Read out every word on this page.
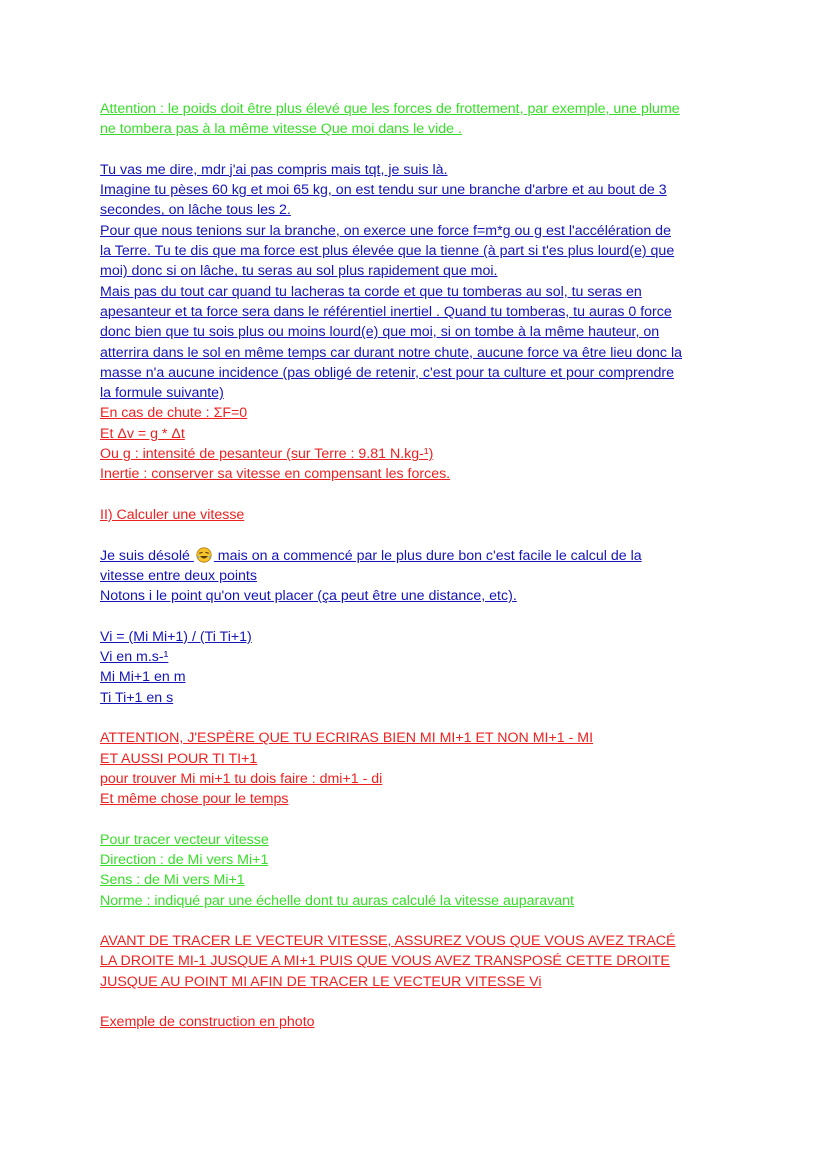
Attention : le poids doit être plus élevé que les forces de frottement, par exemple, une plume
ne tombera pas à la même vitesse Que moi dans le vide .
Tu vas me dire, mdr j'ai pas compris mais tqt, je suis là.
Imagine tu pèses 60 kg et moi 65 kg, on est tendu sur une branche d'arbre et au bout de 3
secondes, on lâche tous les 2.
Pour que nous tenions sur la branche, on exerce une force f=m*g ou g est l'accélération de
la Terre. Tu te dis que ma force est plus élevée que la tienne (à part si t'es plus lourd(e) que
moi) donc si on lâche, tu seras au sol plus rapidement que moi.
Mais pas du tout car quand tu lacheras ta corde et que tu tomberas au sol, tu seras en
apesanteur et ta force sera dans le référentiel inertiel . Quand tu tomberas, tu auras 0 force
donc bien que tu sois plus ou moins lourd(e) que moi, si on tombe à la même hauteur, on
atterrira dans le sol en même temps car durant notre chute, aucune force va être lieu donc la
masse n'a aucune incidence (pas obligé de retenir, c'est pour ta culture et pour comprendre
la formule suivante)
En cas de chute : ΣF=0
Et Δv = g * Δt
Ou g : intensité de pesanteur (sur Terre : 9.81 N.kg-¹)
Inertie : conserver sa vitesse en compensant les forces.
II) Calculer une vitesse
Je suis désolé  mais on a commencé par le plus dure bon c'est facile le calcul de la
vitesse entre deux points
Notons i le point qu'on veut placer (ça peut être une distance, etc).
Vi = (Mi Mi+1) / (Ti Ti+1)
Vi en m.s-¹
Mi Mi+1 en m
Ti Ti+1 en s
ATTENTION, J'ESPÈRE QUE TU ECRIRAS BIEN MI MI+1 ET NON MI+1 - MI
ET AUSSI POUR TI TI+1
pour trouver Mi mi+1 tu dois faire : dmi+1 - di
Et même chose pour le temps
Pour tracer vecteur vitesse
Direction : de Mi vers Mi+1
Sens : de Mi vers Mi+1
Norme : indiqué par une échelle dont tu auras calculé la vitesse auparavant
AVANT DE TRACER LE VECTEUR VITESSE, ASSUREZ VOUS QUE VOUS AVEZ TRACÉ
LA DROITE MI-1 JUSQUE A MI+1 PUIS QUE VOUS AVEZ TRANSPOSÉ CETTE DROITE
JUSQUE AU POINT MI AFIN DE TRACER LE VECTEUR VITESSE Vi
Exemple de construction en photo
